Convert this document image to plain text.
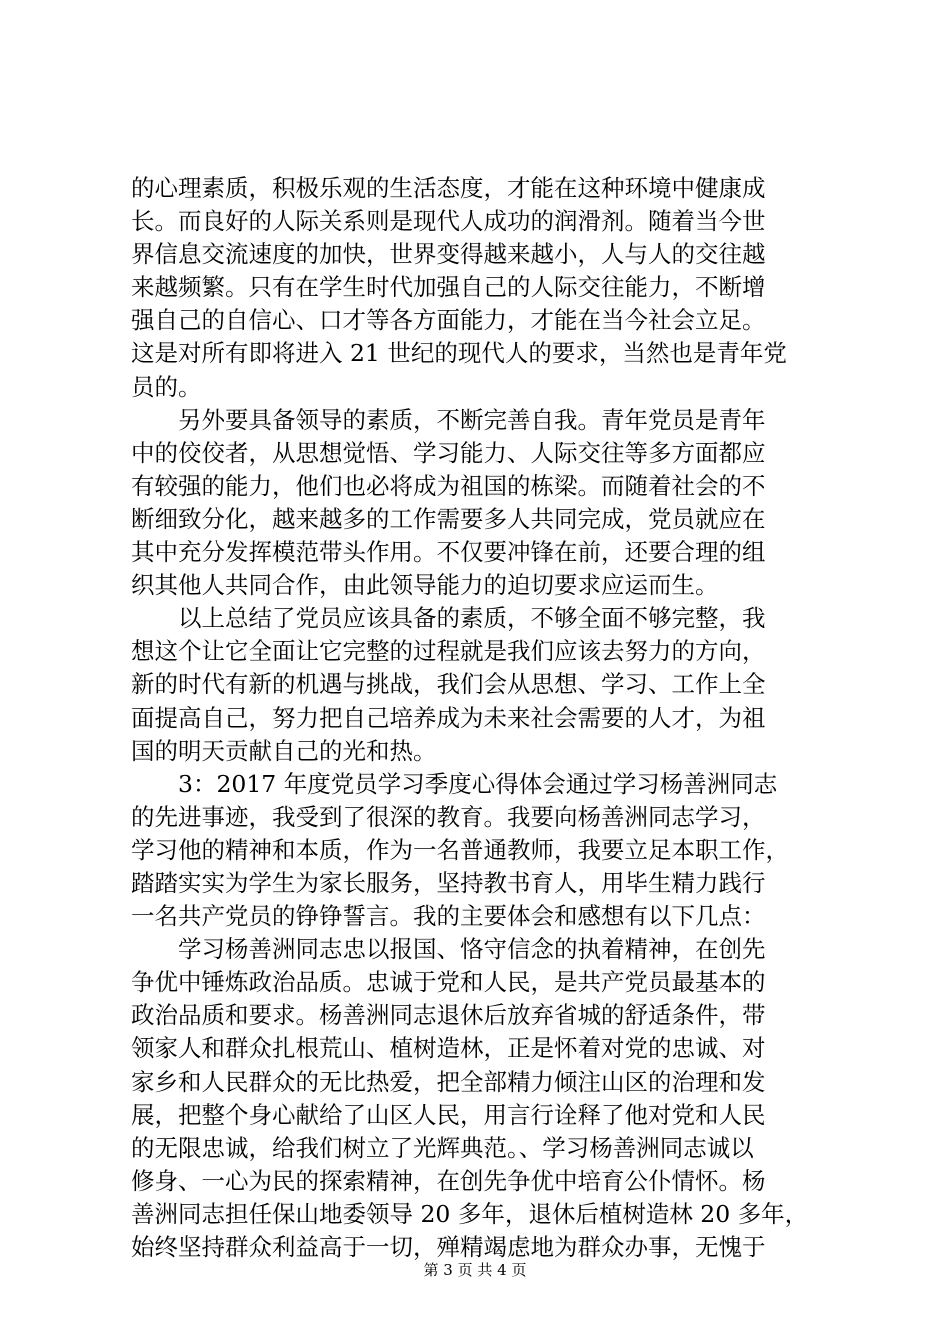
的心理素质，积极乐观的生活态度，才能在这种环境中健康成
长。而良好的人际关系则是现代人成功的润滑剂。随着当今世
界信息交流速度的加快，世界变得越来越小，人与人的交往越
来越频繁。只有在学生时代加强自己的人际交往能力，不断增
强自己的自信心、口才等各方面能力，才能在当今社会立足。
这是对所有即将进入 21 世纪的现代人的要求，当然也是青年党
员的。
　　另外要具备领导的素质，不断完善自我。青年党员是青年
中的佼佼者，从思想觉悟、学习能力、人际交往等多方面都应
有较强的能力，他们也必将成为祖国的栋梁。而随着社会的不
断细致分化，越来越多的工作需要多人共同完成，党员就应在
其中充分发挥模范带头作用。不仅要冲锋在前，还要合理的组
织其他人共同合作，由此领导能力的迫切要求应运而生。
　　以上总结了党员应该具备的素质，不够全面不够完整，我
想这个让它全面让它完整的过程就是我们应该去努力的方向，
新的时代有新的机遇与挑战，我们会从思想、学习、工作上全
面提高自己，努力把自己培养成为未来社会需要的人才，为祖
国的明天贡献自己的光和热。
　　3：2017 年度党员学习季度心得体会通过学习杨善洲同志
的先进事迹，我受到了很深的教育。我要向杨善洲同志学习，
学习他的精神和本质，作为一名普通教师，我要立足本职工作，
踏踏实实为学生为家长服务，坚持教书育人，用毕生精力践行
一名共产党员的铮铮誓言。我的主要体会和感想有以下几点：
　　学习杨善洲同志忠以报国、恪守信念的执着精神，在创先
争优中锤炼政治品质。忠诚于党和人民，是共产党员最基本的
政治品质和要求。杨善洲同志退休后放弃省城的舒适条件，带
领家人和群众扎根荒山、植树造林，正是怀着对党的忠诚、对
家乡和人民群众的无比热爱，把全部精力倾注山区的治理和发
展，把整个身心献给了山区人民，用言行诠释了他对党和人民
的无限忠诚，给我们树立了光辉典范。、学习杨善洲同志诚以
修身、一心为民的探索精神，在创先争优中培育公仆情怀。杨
善洲同志担任保山地委领导 20 多年，退休后植树造林 20 多年，
始终坚持群众利益高于一切，殚精竭虑地为群众办事，无愧于
第 3 页 共 4 页
